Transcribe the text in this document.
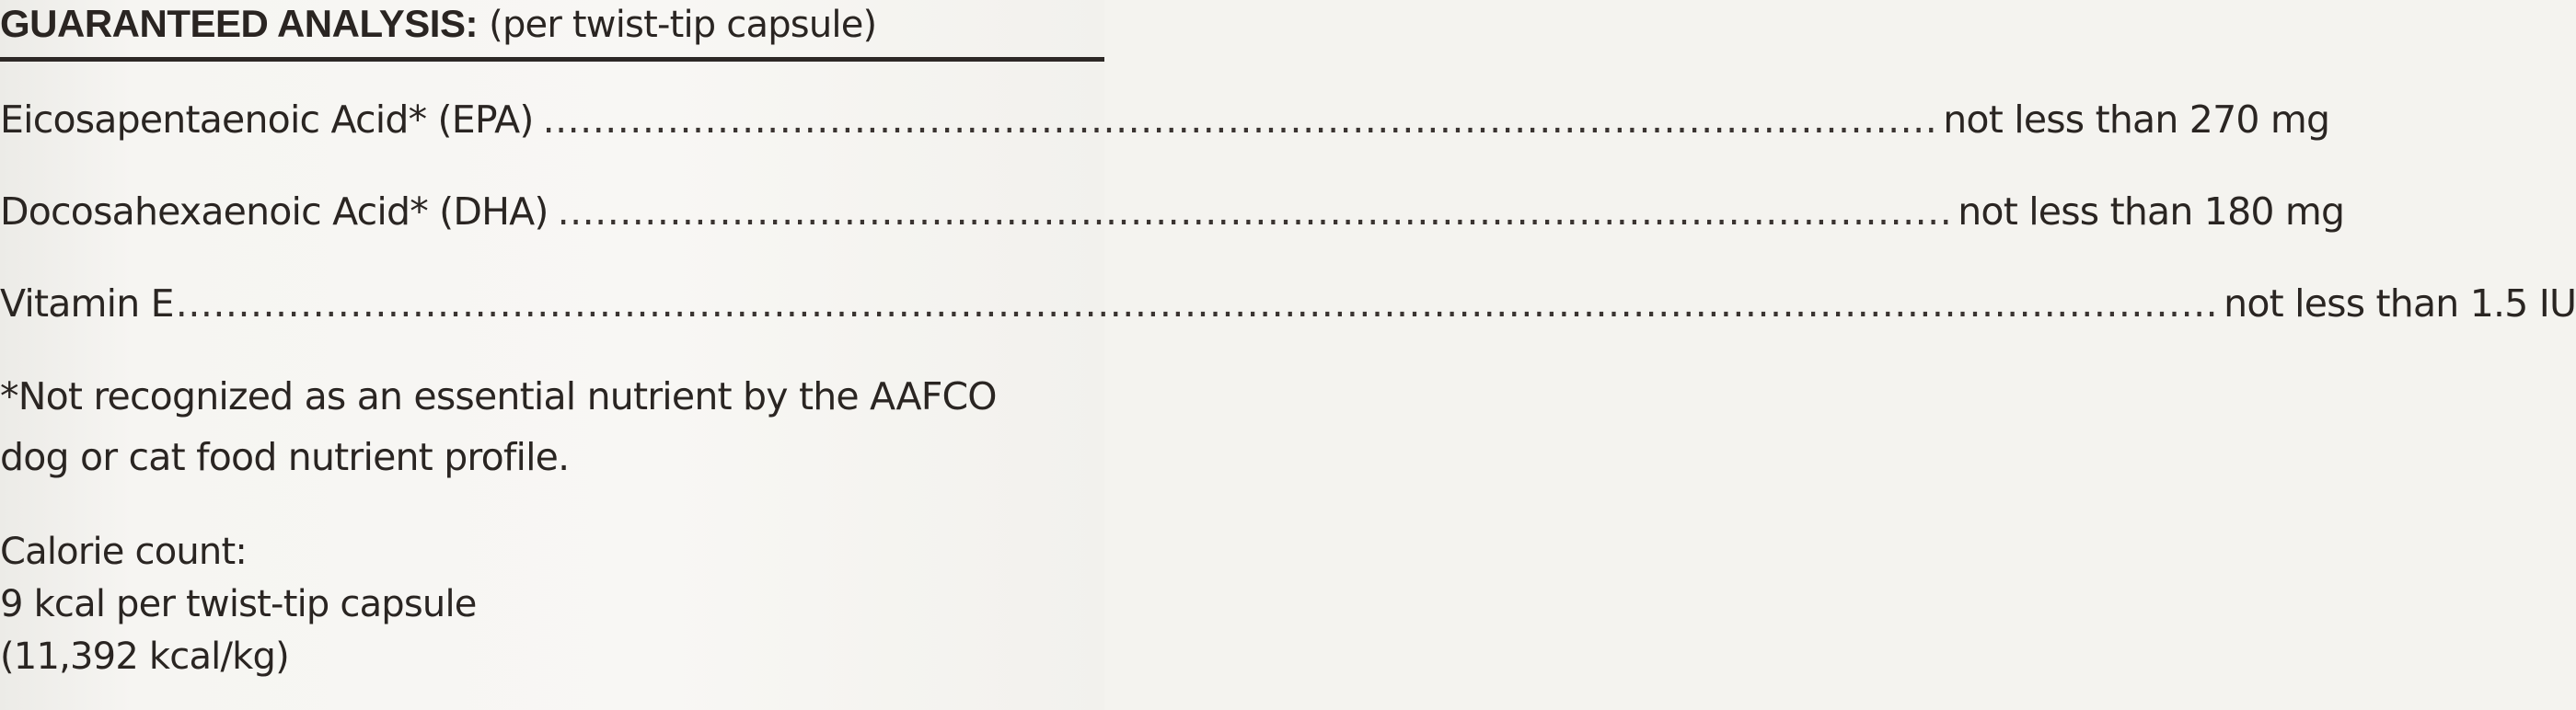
GUARANTEED ANALYSIS: (per twist-tip capsule)
Eicosapentaenoic Acid* (EPA) ................................................................................................................ not less than 270 mg
Docosahexaenoic Acid* (DHA) ................................................................................................................ not less than 180 mg
Vitamin E .................................................................................................................................................................... not less than 1.5 IU
*Not recognized as an essential nutrient by the AAFCO
dog or cat food nutrient profile.
Calorie count:
9 kcal per twist-tip capsule
(11,392 kcal/kg)
